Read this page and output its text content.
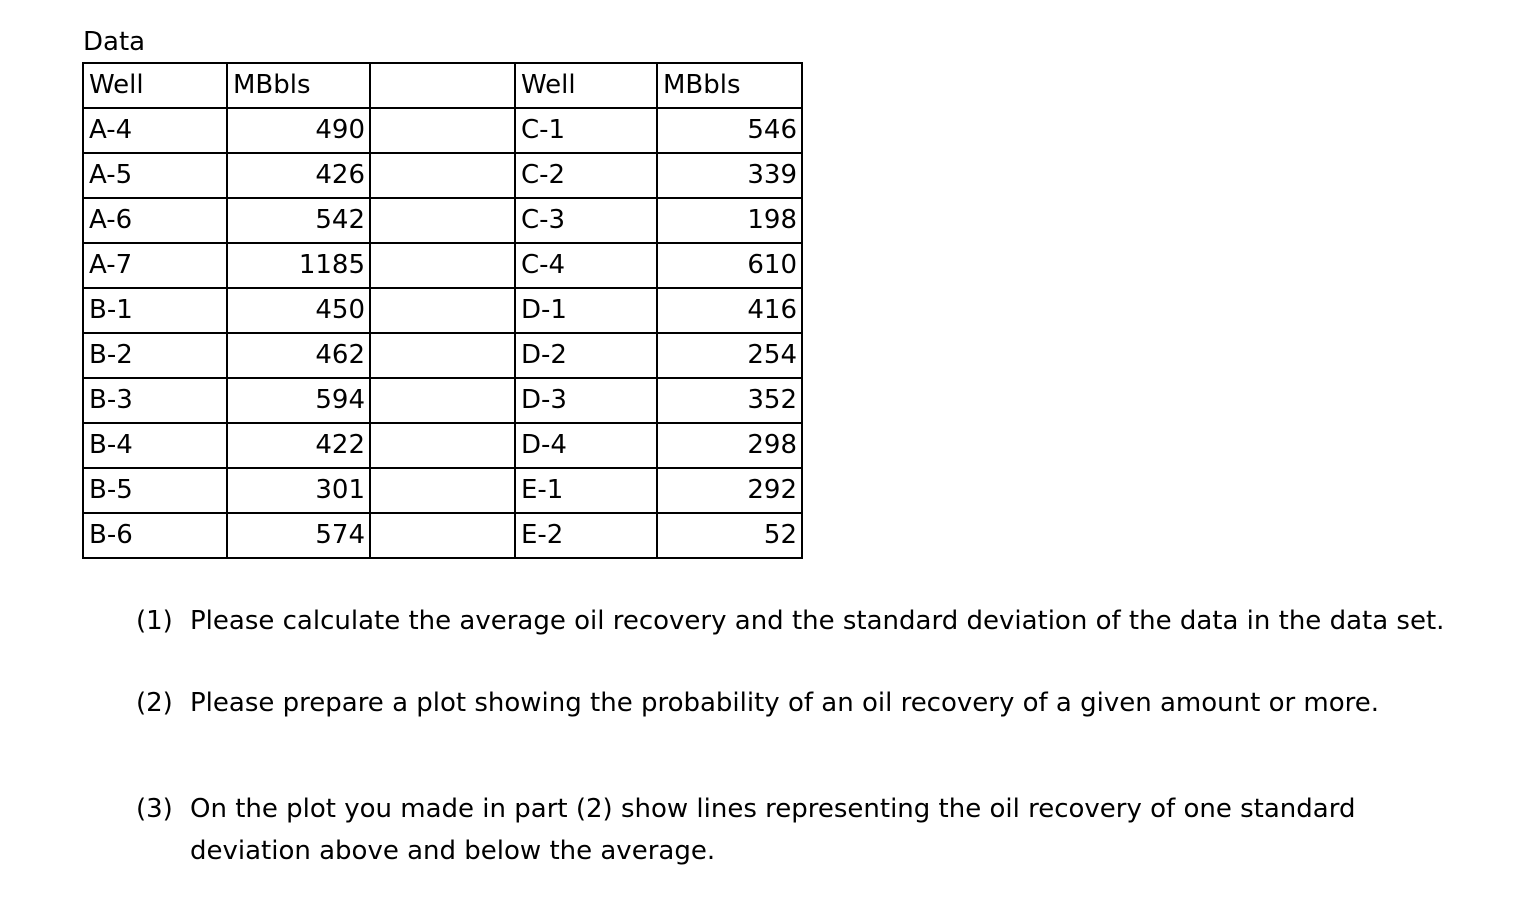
Data
Well	MBbls		Well	MBbls
A-4	490		C-1	546
A-5	426		C-2	339
A-6	542		C-3	198
A-7	1185		C-4	610
B-1	450		D-1	416
B-2	462		D-2	254
B-3	594		D-3	352
B-4	422		D-4	298
B-5	301		E-1	292
B-6	574		E-2	52
(1) Please calculate the average oil recovery and the standard deviation of the data in the data set.
(2) Please prepare a plot showing the probability of an oil recovery of a given amount or more.
(3) On the plot you made in part (2) show lines representing the oil recovery of one standard deviation above and below the average.
